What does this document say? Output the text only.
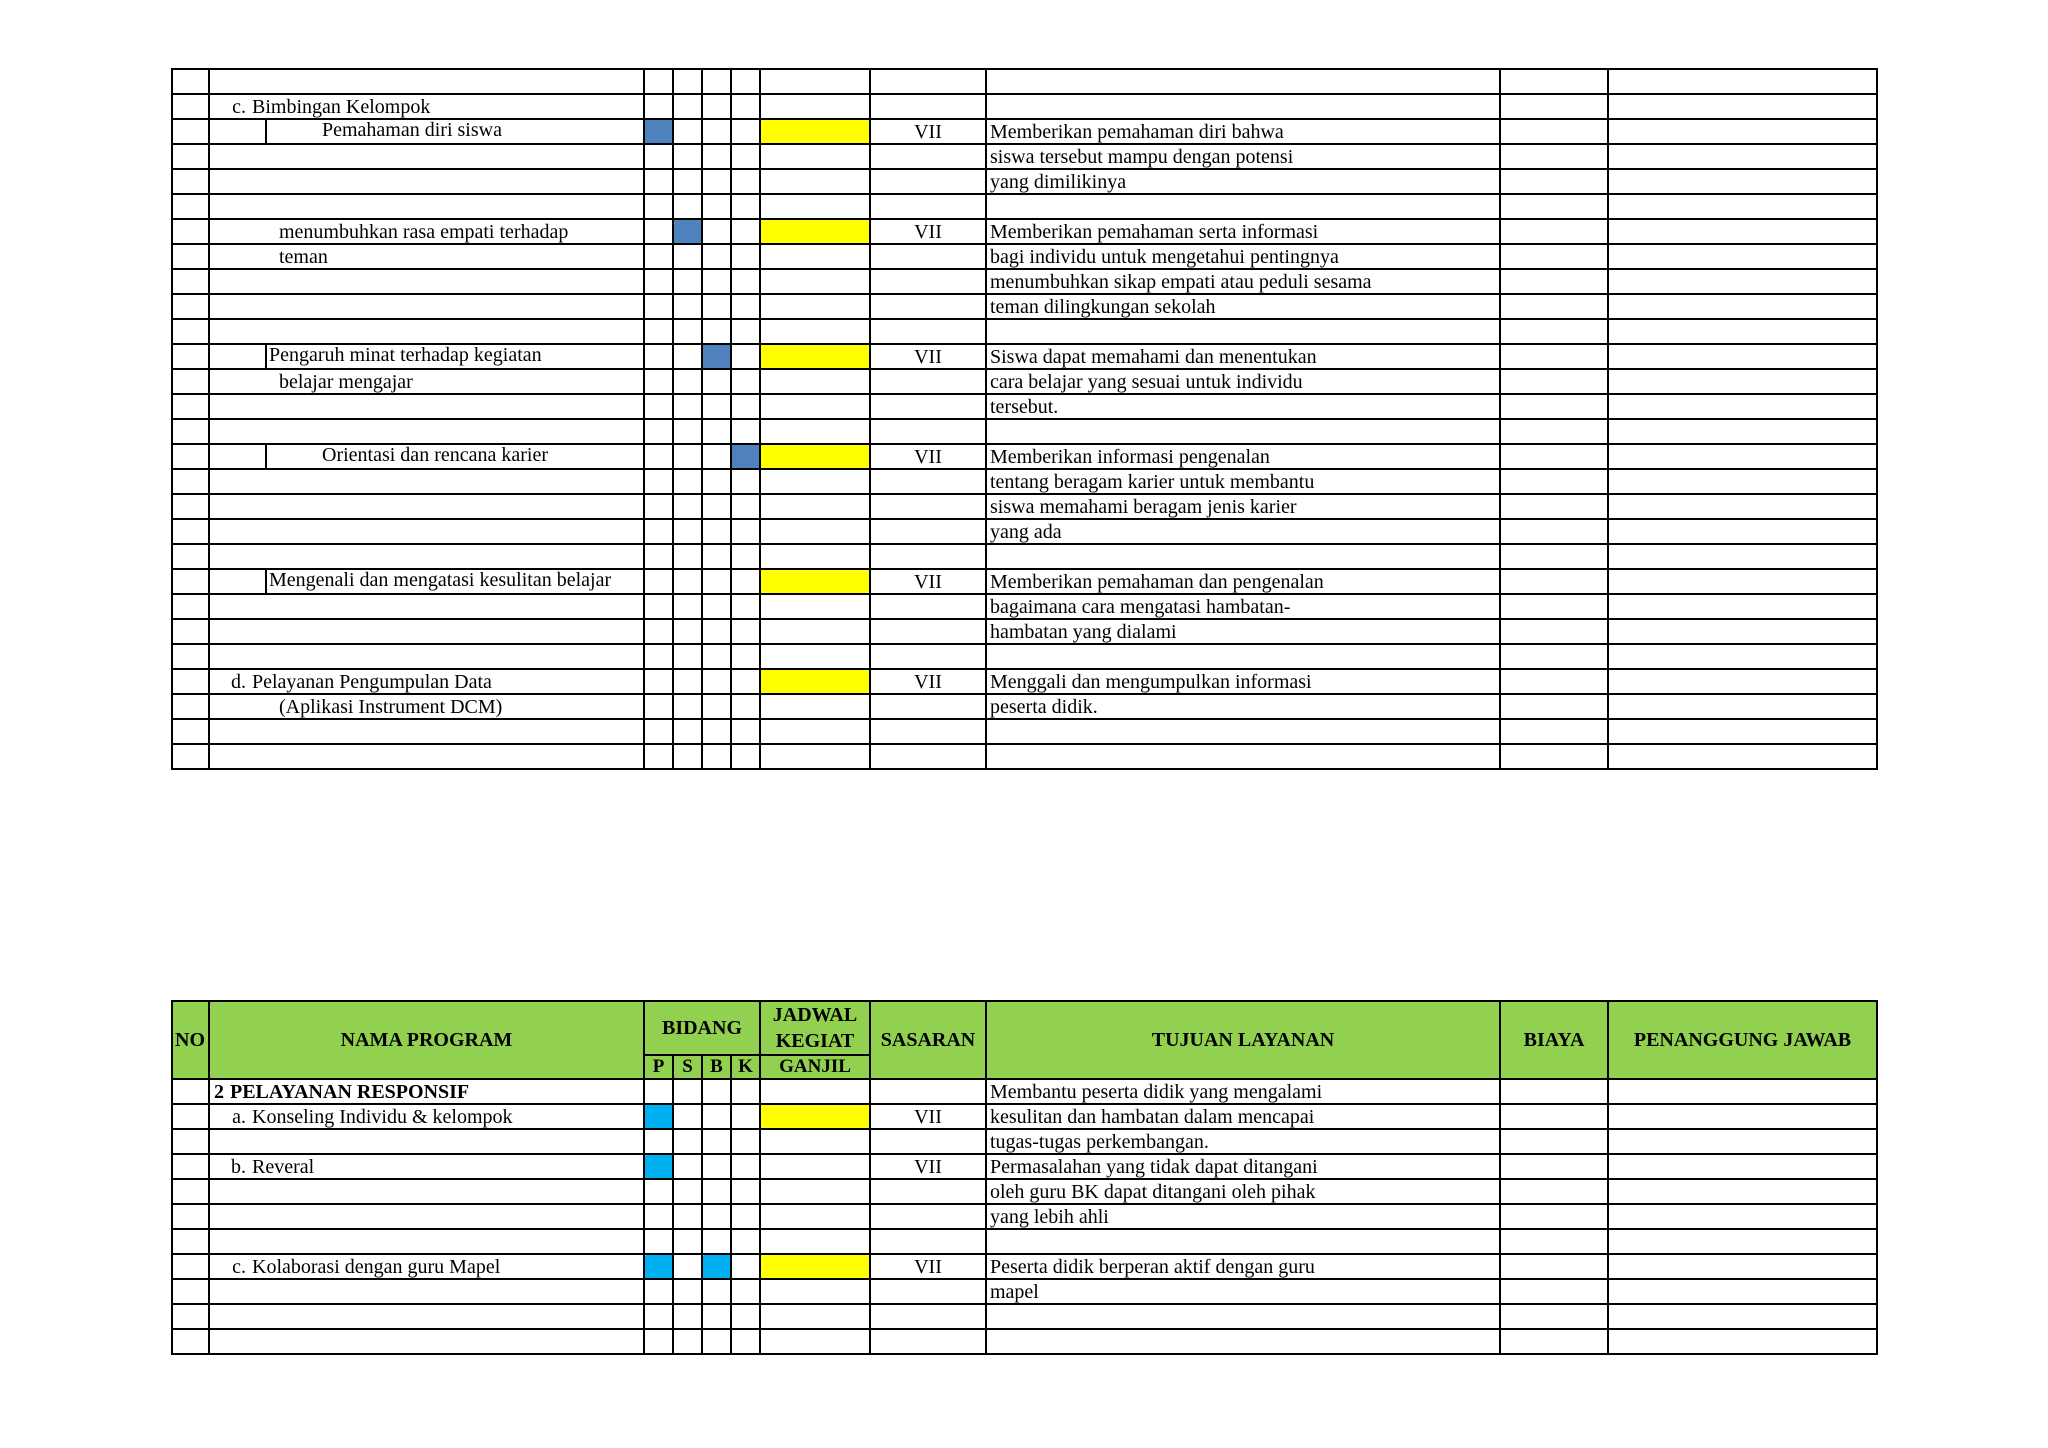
	c. Bimbingan Kelompok									
	Pemahaman diri siswa						VII	Memberikan pemahaman diri bahwa		
								siswa tersebut mampu dengan potensi		
								yang dimilikinya		

	menumbuhkan rasa empati terhadap						VII	Memberikan pemahaman serta informasi		
	teman							bagi individu untuk mengetahui pentingnya		
								menumbuhkan sikap empati atau peduli sesama		
								teman dilingkungan sekolah		

	Pengaruh minat terhadap kegiatan						VII	Siswa dapat memahami dan menentukan		
	belajar mengajar							cara belajar yang sesuai untuk individu		
								tersebut.		

	Orientasi dan rencana karier						VII	Memberikan informasi pengenalan		
								tentang beragam karier untuk membantu		
								siswa memahami beragam jenis karier		
								yang ada		

	Mengenali dan mengatasi kesulitan belajar						VII	Memberikan pemahaman dan pengenalan		
								bagaimana cara mengatasi hambatan-		
								hambatan yang dialami		

	d. Pelayanan Pengumpulan Data						VII	Menggali dan mengumpulkan informasi		
	(Aplikasi Instrument DCM)							peserta didik.		

NO	NAMA PROGRAM	BIDANG				JADWAL KEGIAT	SASARAN	TUJUAN LAYANAN	BIAYA	PENANGGUNG JAWAB
		P	S	B	K	GANJIL				
	2 PELAYANAN RESPONSIF							Membantu peserta didik yang mengalami		
	a. Konseling Individu & kelompok						VII	kesulitan dan hambatan dalam mencapai		
								tugas-tugas perkembangan.		
	b. Reveral						VII	Permasalahan yang tidak dapat ditangani		
								oleh guru BK dapat ditangani oleh pihak		
								yang lebih ahli		

	c. Kolaborasi dengan guru Mapel						VII	Peserta didik berperan aktif dengan guru		
								mapel		
